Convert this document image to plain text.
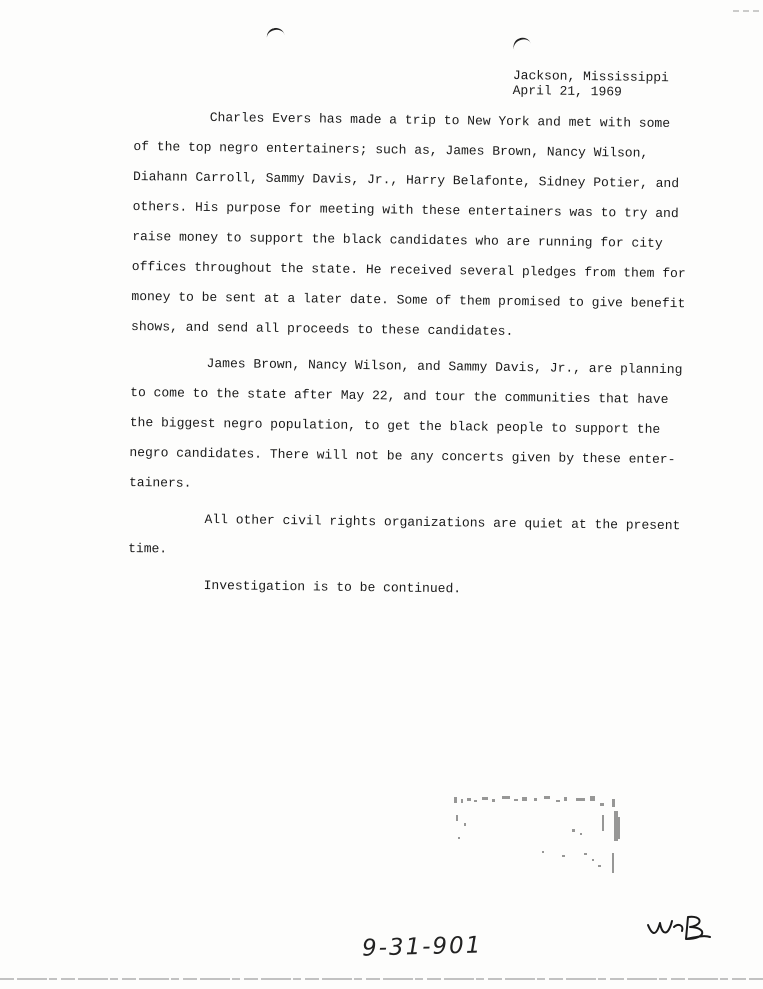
Jackson, Mississippi
April 21, 1969
Charles Evers has made a trip to New York and met with some
of the top negro entertainers; such as, James Brown, Nancy Wilson,
Diahann Carroll, Sammy Davis, Jr., Harry Belafonte, Sidney Potier, and
others. His purpose for meeting with these entertainers was to try and
raise money to support the black candidates who are running for city
offices throughout the state. He received several pledges from them for
money to be sent at a later date. Some of them promised to give benefit
shows, and send all proceeds to these candidates.
James Brown, Nancy Wilson, and Sammy Davis, Jr., are planning
to come to the state after May 22, and tour the communities that have
the biggest negro population, to get the black people to support the
negro candidates. There will not be any concerts given by these enter-
tainers.
All other civil rights organizations are quiet at the present
time.
Investigation is to be continued.
9-31-901
